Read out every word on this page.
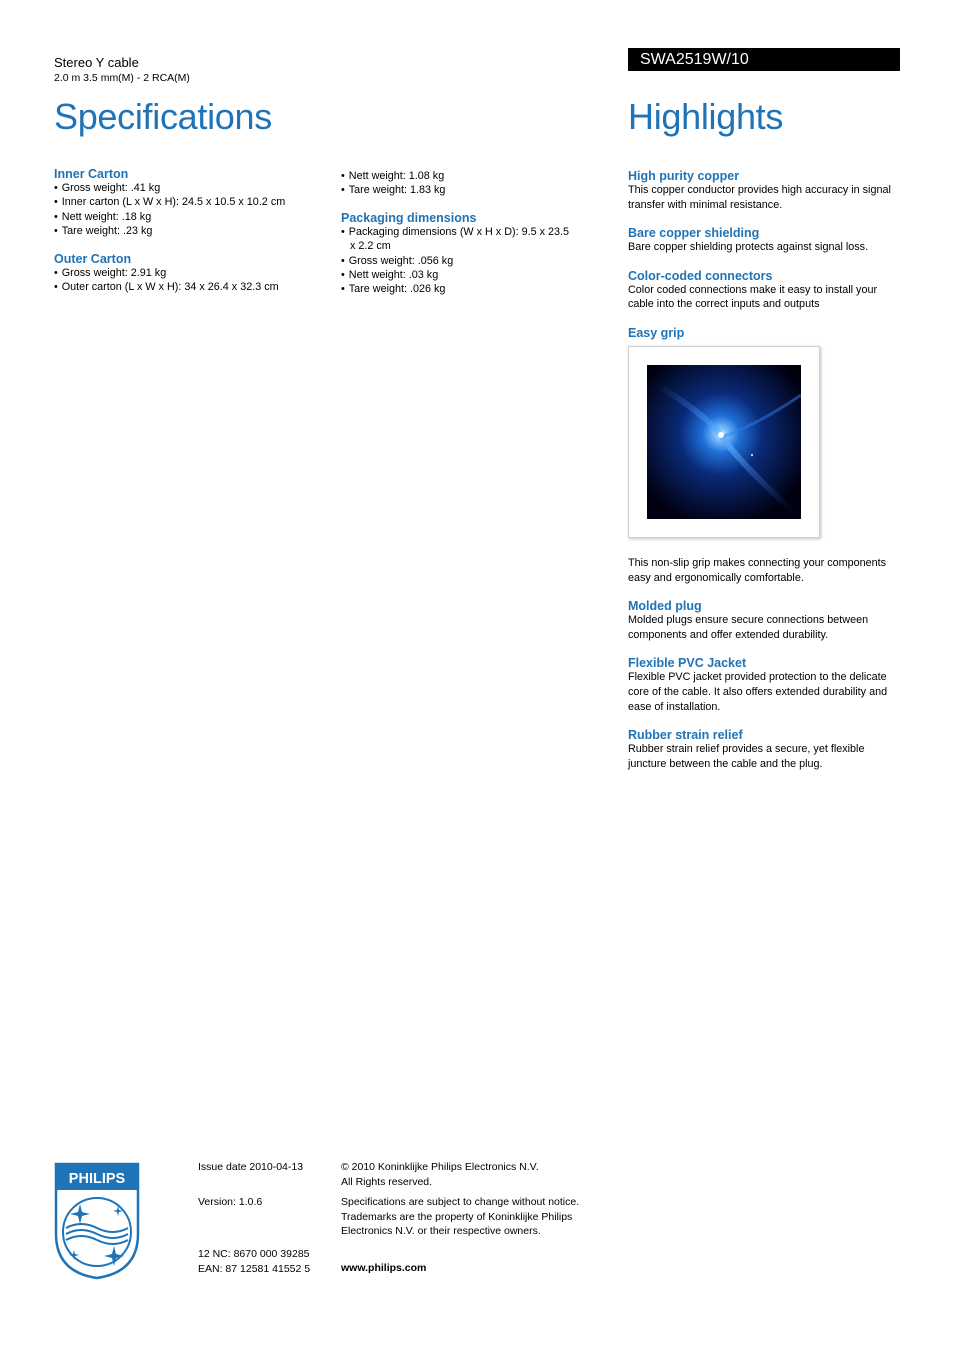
Stereo Y cable
2.0 m 3.5 mm(M) - 2 RCA(M)
SWA2519W/10
Specifications	Highlights
Inner Carton
• Gross weight: .41 kg
• Inner carton (L x W x H): 24.5 x 10.5 x 10.2 cm
• Nett weight: .18 kg
• Tare weight: .23 kg
Outer Carton
• Gross weight: 2.91 kg
• Outer carton (L x W x H): 34 x 26.4 x 32.3 cm
• Nett weight: 1.08 kg
• Tare weight: 1.83 kg
Packaging dimensions
• Packaging dimensions (W x H x D): 9.5 x 23.5 x 2.2 cm
• Gross weight: .056 kg
• Nett weight: .03 kg
• Tare weight: .026 kg
High purity copper

This copper conductor provides high accuracy in signal transfer with minimal resistance.

Bare copper shielding

Bare copper shielding protects against signal loss.

Color-coded connectors

Color coded connections make it easy to install your cable into the correct inputs and outputs

Easy grip

This non-slip grip makes connecting your components easy and ergonomically comfortable.

Molded plug

Molded plugs ensure secure connections between components and offer extended durability.

Flexible PVC Jacket

Flexible PVC jacket provided protection to the delicate core of the cable. It also offers extended durability and ease of installation.

Rubber strain relief

Rubber strain relief provides a secure, yet flexible juncture between the cable and the plug.

PHILIPS
Issue date 2010-04-13
Version: 1.0.6
12 NC: 8670 000 39285
EAN: 87 12581 41552 5
© 2010 Koninklijke Philips Electronics N.V.
All Rights reserved.
Specifications are subject to change without notice.
Trademarks are the property of Koninklijke Philips
Electronics N.V. or their respective owners.
www.philips.com
